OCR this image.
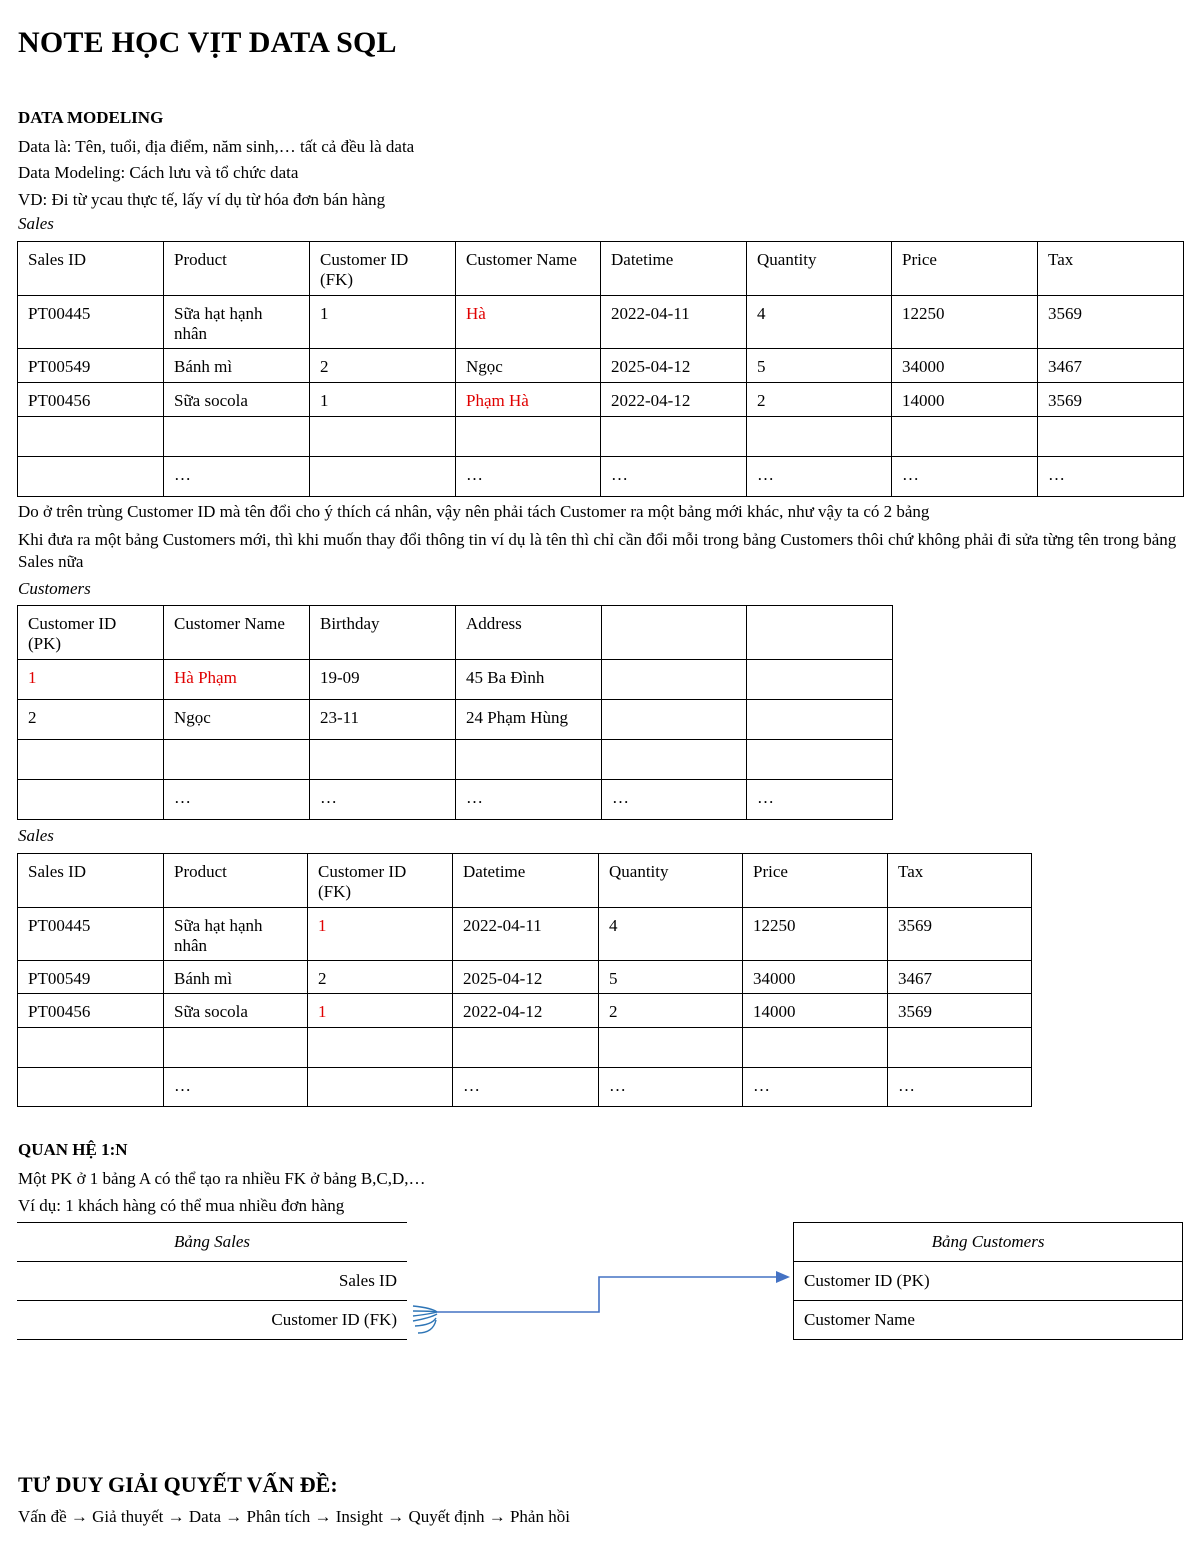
NOTE HỌC VỊT DATA SQL
DATA MODELING
Data là: Tên, tuổi, địa điểm, năm sinh,… tất cả đều là data
Data Modeling: Cách lưu và tổ chức data
VD: Đi từ ycau thực tế, lấy ví dụ từ hóa đơn bán hàng
Sales
Sales ID	Product	Customer ID (FK)	Customer Name	Datetime	Quantity	Price	Tax
PT00445	Sữa hạt hạnh nhân	1	Hà	2022-04-11	4	12250	3569
PT00549	Bánh mì	2	Ngọc	2025-04-12	5	34000	3467
PT00456	Sữa socola	1	Phạm Hà	2022-04-12	2	14000	3569

	…		…	…	…	…	…
Do ở trên trùng Customer ID mà tên đổi cho ý thích cá nhân, vậy nên phải tách Customer ra một bảng mới khác, như vậy ta có 2 bảng
Khi đưa ra một bảng Customers mới, thì khi muốn thay đổi thông tin ví dụ là tên thì chỉ cần đổi mỗi trong bảng Customers thôi chứ không phải đi sửa từng tên trong bảng Sales nữa
Customers
Customer ID (PK)	Customer Name	Birthday	Address		
1	Hà Phạm	19-09	45 Ba Đình		
2	Ngọc	23-11	24 Phạm Hùng		

	…	…	…	…	…
Sales
Sales ID	Product	Customer ID (FK)	Datetime	Quantity	Price	Tax
PT00445	Sữa hạt hạnh nhân	1	2022-04-11	4	12250	3569
PT00549	Bánh mì	2	2025-04-12	5	34000	3467
PT00456	Sữa socola	1	2022-04-12	2	14000	3569

	…		…	…	…	…
QUAN HỆ 1:N
Một PK ở 1 bảng A có thể tạo ra nhiều FK ở bảng B,C,D,…
Ví dụ: 1 khách hàng có thể mua nhiều đơn hàng
Bảng Sales
Sales ID
Customer ID (FK)
Bảng Customers
Customer ID (PK)
Customer Name
TƯ DUY GIẢI QUYẾT VẤN ĐỀ:
Vấn đề → Giả thuyết → Data → Phân tích → Insight → Quyết định → Phản hồi
